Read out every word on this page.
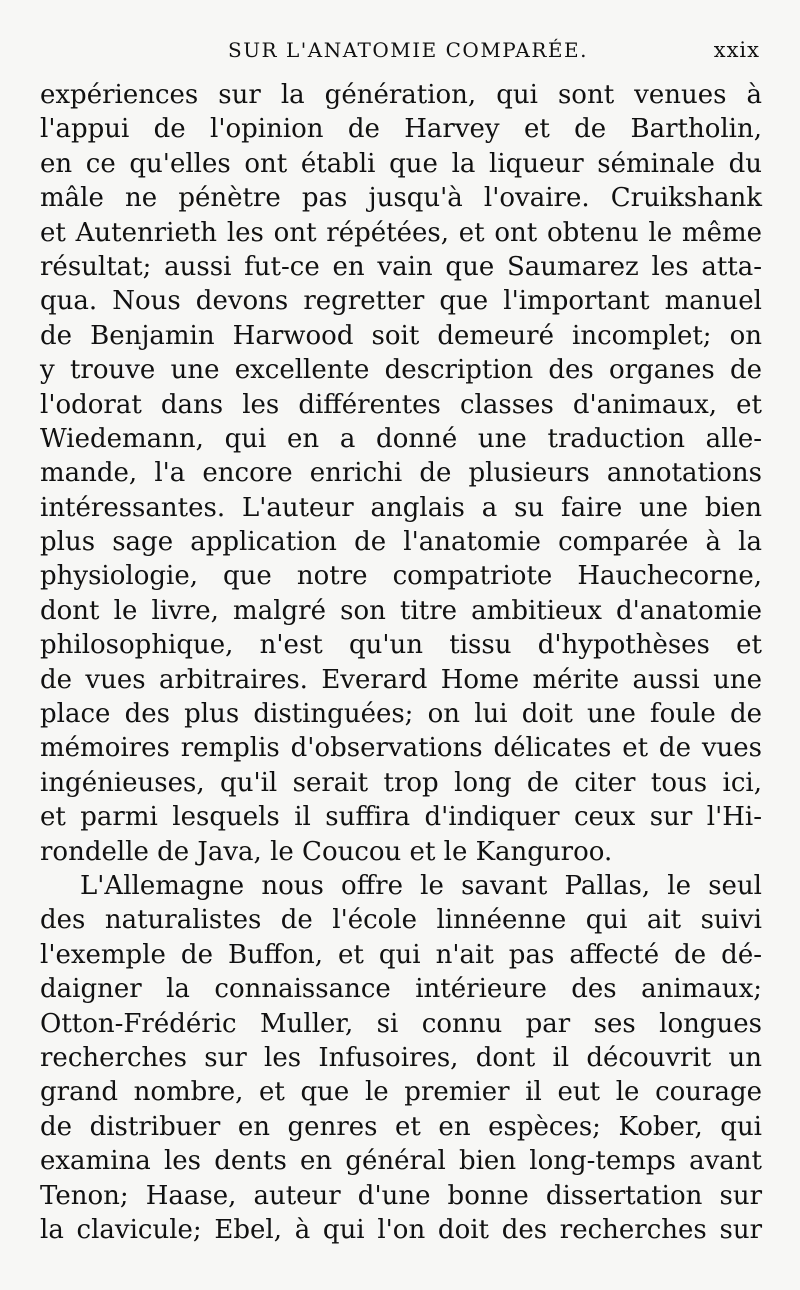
SUR L'ANATOMIE COMPARÉE.	xxix
expériences sur la génération, qui sont venues à
l'appui de l'opinion de Harvey et de Bartholin,
en ce qu'elles ont établi que la liqueur séminale du
mâle ne pénètre pas jusqu'à l'ovaire. Cruikshank
et Autenrieth les ont répétées, et ont obtenu le même
résultat; aussi fut-ce en vain que Saumarez les atta-
qua. Nous devons regretter que l'important manuel
de Benjamin Harwood soit demeuré incomplet; on
y trouve une excellente description des organes de
l'odorat dans les différentes classes d'animaux, et
Wiedemann, qui en a donné une traduction alle-
mande, l'a encore enrichi de plusieurs annotations
intéressantes. L'auteur anglais a su faire une bien
plus sage application de l'anatomie comparée à la
physiologie, que notre compatriote Hauchecorne,
dont le livre, malgré son titre ambitieux d'anatomie
philosophique, n'est qu'un tissu d'hypothèses et
de vues arbitraires. Everard Home mérite aussi une
place des plus distinguées; on lui doit une foule de
mémoires remplis d'observations délicates et de vues
ingénieuses, qu'il serait trop long de citer tous ici,
et parmi lesquels il suffira d'indiquer ceux sur l'Hi-
rondelle de Java, le Coucou et le Kanguroo.
L'Allemagne nous offre le savant Pallas, le seul
des naturalistes de l'école linnéenne qui ait suivi
l'exemple de Buffon, et qui n'ait pas affecté de dé-
daigner la connaissance intérieure des animaux;
Otton-Frédéric Muller, si connu par ses longues
recherches sur les Infusoires, dont il découvrit un
grand nombre, et que le premier il eut le courage
de distribuer en genres et en espèces; Kober, qui
examina les dents en général bien long-temps avant
Tenon; Haase, auteur d'une bonne dissertation sur
la clavicule; Ebel, à qui l'on doit des recherches sur
